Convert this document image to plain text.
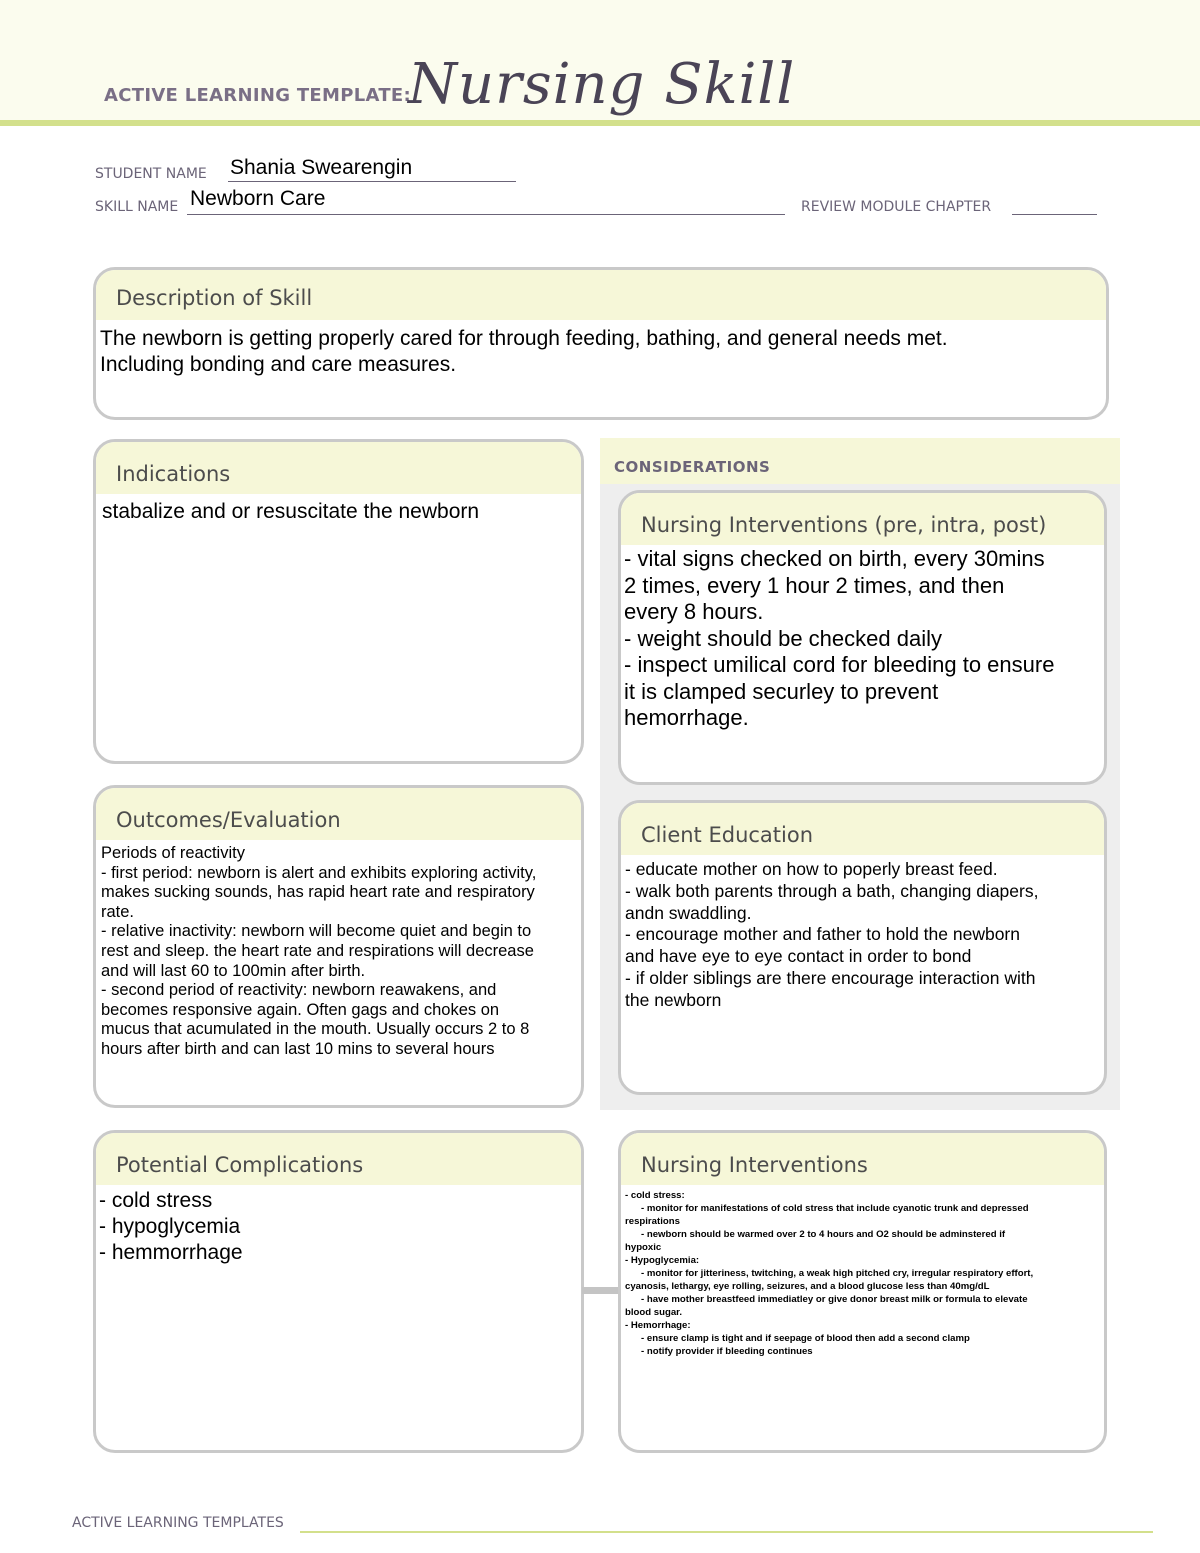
ACTIVE LEARNING TEMPLATE:
Nursing Skill
STUDENT NAME Shania Swearengin
SKILL NAME Newborn Care	REVIEW MODULE CHAPTER
Description of Skill
The newborn is getting properly cared for through feeding, bathing, and general needs met.
Including bonding and care measures.
Indications
stabalize and or resuscitate the newborn
CONSIDERATIONS
Nursing Interventions (pre, intra, post)
- vital signs checked on birth, every 30mins
2 times, every 1 hour 2 times, and then
every 8 hours.
- weight should be checked daily
- inspect umilical cord for bleeding to ensure
it is clamped securley to prevent
hemorrhage.
Outcomes/Evaluation
Periods of reactivity
- first period: newborn is alert and exhibits exploring activity,
makes sucking sounds, has rapid heart rate and respiratory
rate.
- relative inactivity: newborn will become quiet and begin to
rest and sleep. the heart rate and respirations will decrease
and will last 60 to 100min after birth.
- second period of reactivity: newborn reawakens, and
becomes responsive again. Often gags and chokes on
mucus that acumulated in the mouth. Usually occurs 2 to 8
hours after birth and can last 10 mins to several hours
Client Education
- educate mother on how to poperly breast feed.
- walk both parents through a bath, changing diapers,
andn swaddling.
- encourage mother and father to hold the newborn
and have eye to eye contact in order to bond
- if older siblings are there encourage interaction with
the newborn
Potential Complications
- cold stress
- hypoglycemia
- hemmorrhage
Nursing Interventions
- cold stress:
- monitor for manifestations of cold stress that include cyanotic trunk and depressed
respirations
- newborn should be warmed over 2 to 4 hours and O2 should be adminstered if
hypoxic
- Hypoglycemia:
- monitor for jitteriness, twitching, a weak high pitched cry, irregular respiratory effort,
cyanosis, lethargy, eye rolling, seizures, and a blood glucose less than 40mg/dL
- have mother breastfeed immediatley or give donor breast milk or formula to elevate
blood sugar.
- Hemorrhage:
- ensure clamp is tight and if seepage of blood then add a second clamp
- notify provider if bleeding continues
ACTIVE LEARNING TEMPLATES
